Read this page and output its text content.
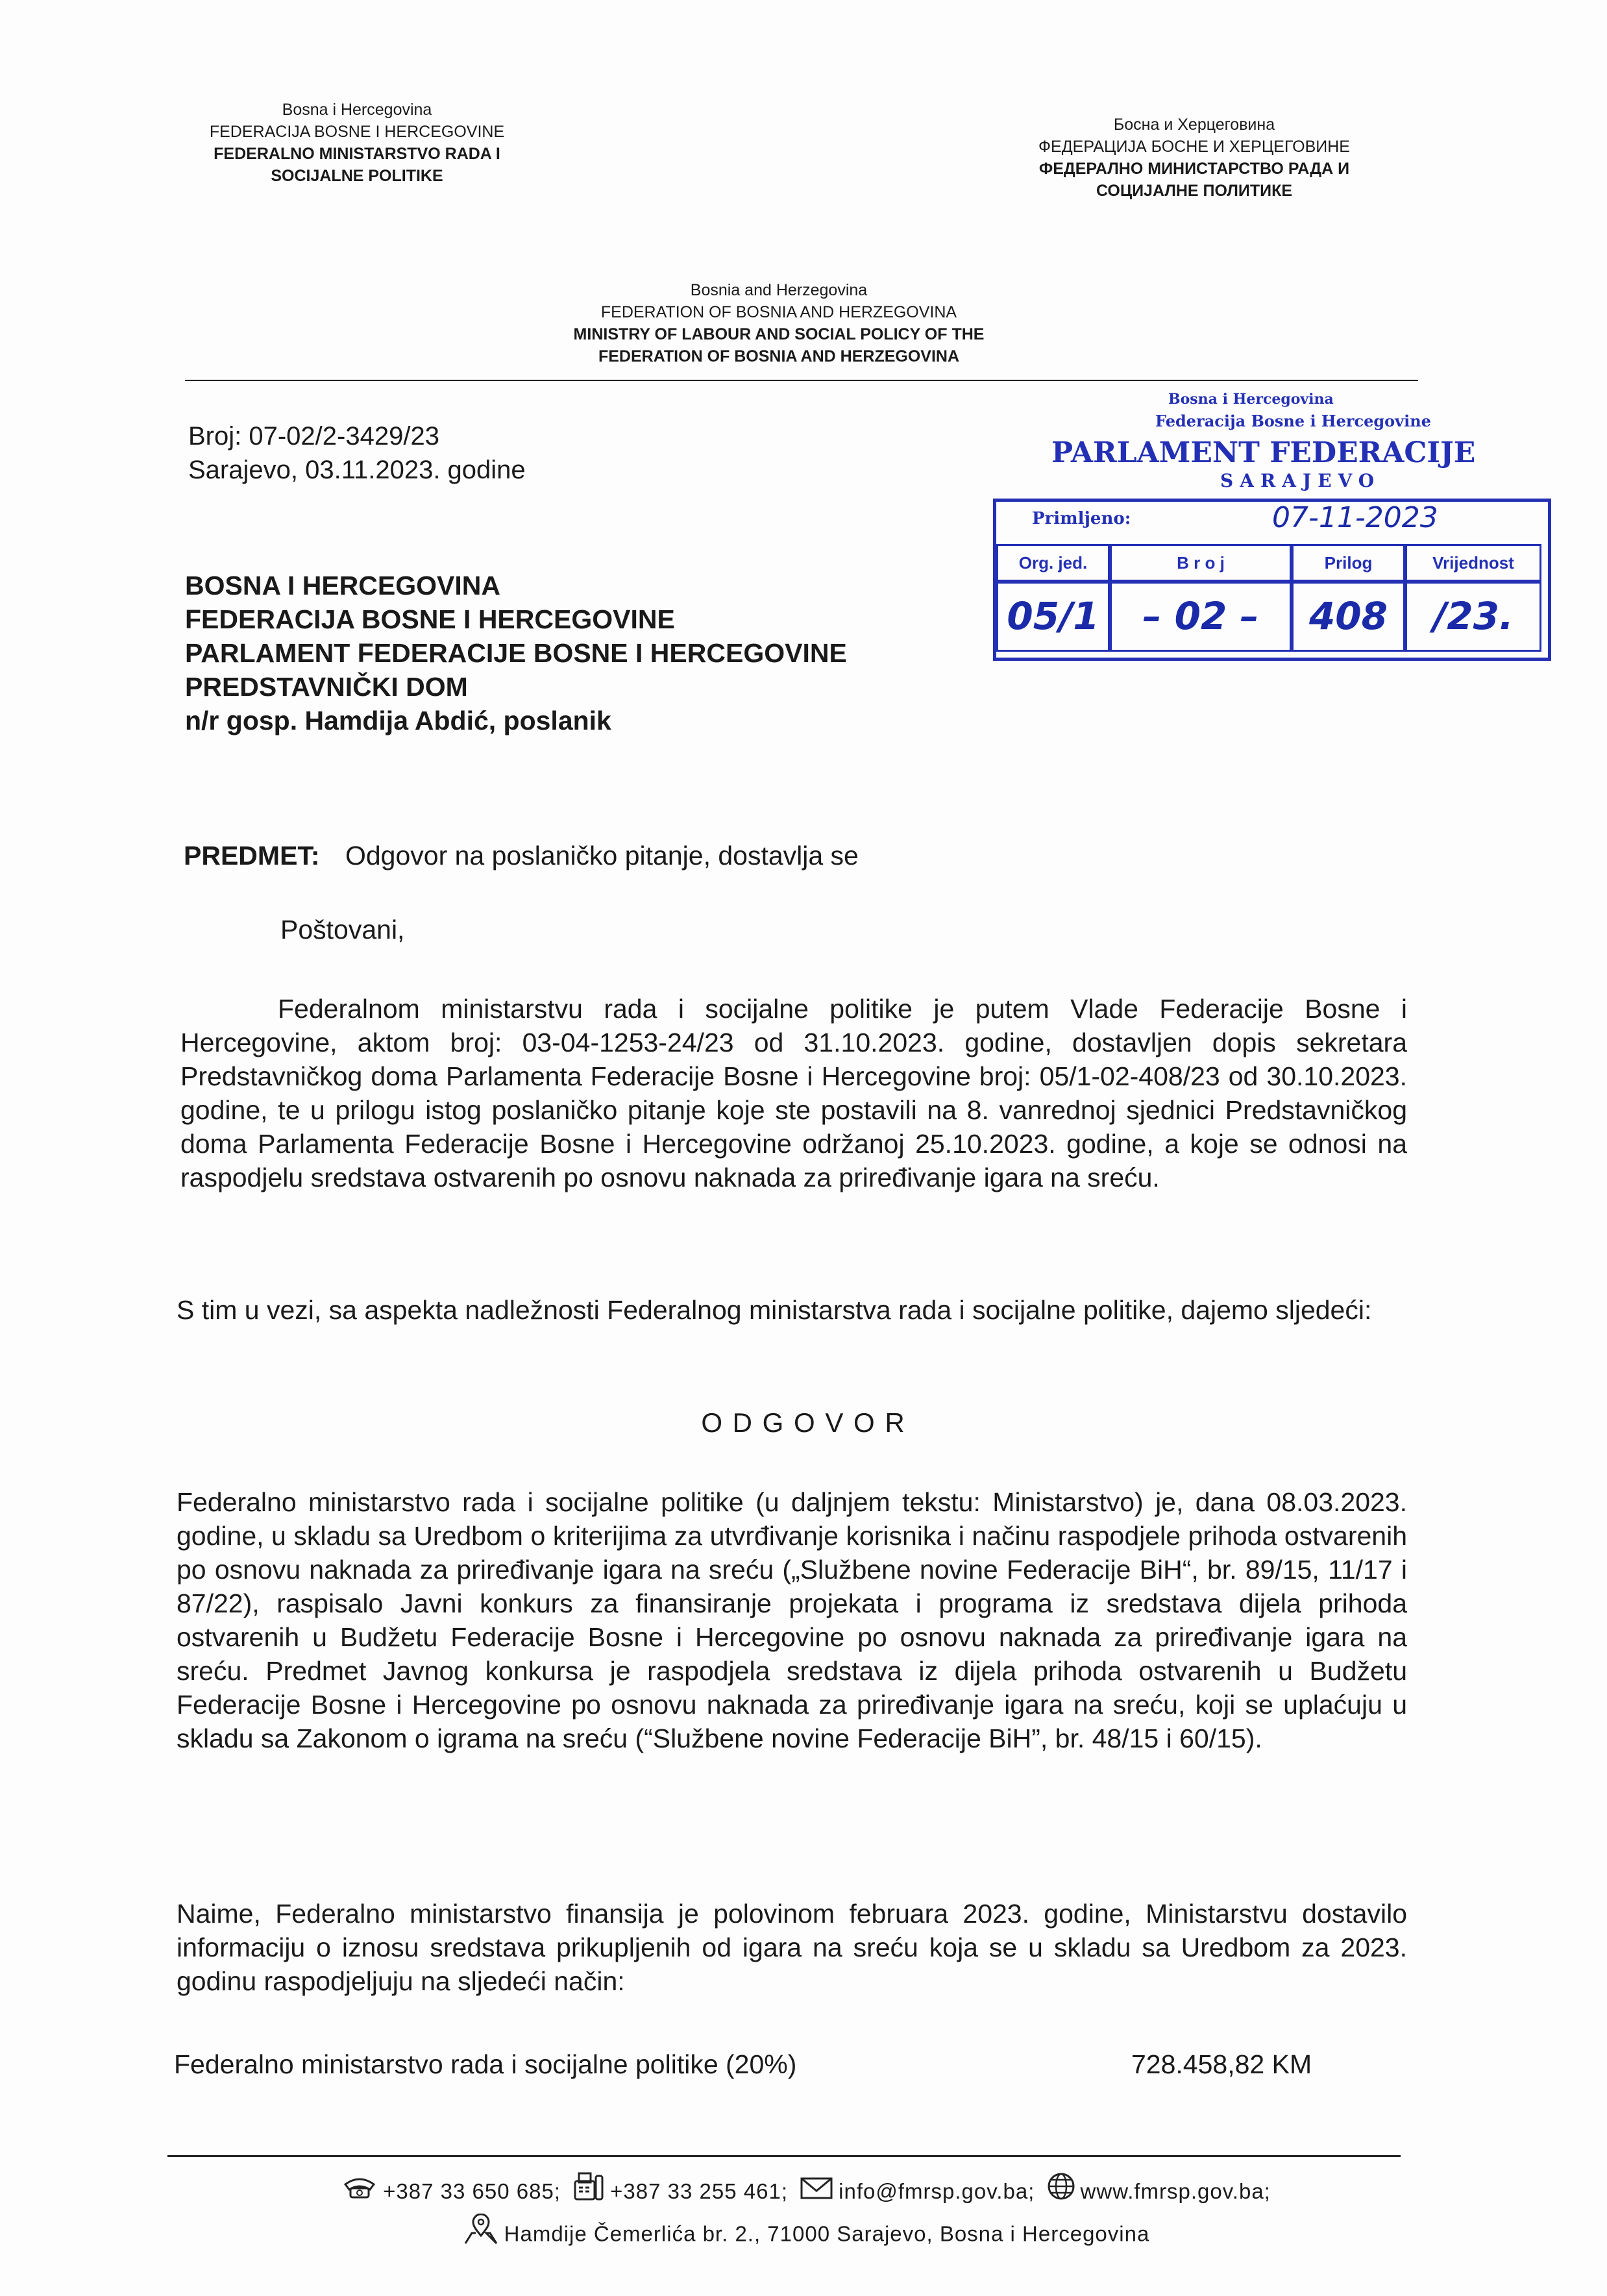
Bosna i Hercegovina
FEDERACIJA BOSNE I HERCEGOVINE
FEDERALNO MINISTARSTVO RADA I
SOCIJALNE POLITIKE
Босна и Херцеговина
ФЕДЕРАЦИЈА БОСНЕ И ХЕРЦЕГОВИНЕ
ФЕДЕРАЛНО МИНИСТАРСТВО РАДА И
СОЦИЈАЛНЕ ПОЛИТИКЕ
Bosnia and Herzegovina
FEDERATION OF BOSNIA AND HERZEGOVINA
MINISTRY OF LABOUR AND SOCIAL POLICY OF THE
FEDERATION OF BOSNIA AND HERZEGOVINA
Broj: 07-02/2-3429/23
Sarajevo, 03.11.2023. godine
Bosna i Hercegovina
Federacija Bosne i Hercegovine
PARLAMENT FEDERACIJE
SARAJEVO
Primljeno:	07-11-2023
Org. jed.	B r o j	Prilog	Vrijednost
05/1	– 02 –	408	/23.
BOSNA I HERCEGOVINA
FEDERACIJA BOSNE I HERCEGOVINE
PARLAMENT FEDERACIJE BOSNE I HERCEGOVINE
PREDSTAVNIČKI DOM
n/r gosp. Hamdija Abdić, poslanik
PREDMET: Odgovor na poslaničko pitanje, dostavlja se
Poštovani,

Federalnom ministarstvu rada i socijalne politike je putem Vlade Federacije Bosne i Hercegovine, aktom broj: 03-04-1253-24/23 od 31.10.2023. godine, dostavljen dopis sekretara Predstavničkog doma Parlamenta Federacije Bosne i Hercegovine broj: 05/1-02-408/23 od 30.10.2023. godine, te u prilogu istog poslaničko pitanje koje ste postavili na 8. vanrednoj sjednici Predstavničkog doma Parlamenta Federacije Bosne i Hercegovine održanoj 25.10.2023. godine, a koje se odnosi na raspodjelu sredstava ostvarenih po osnovu naknada za priređivanje igara na sreću.

S tim u vezi, sa aspekta nadležnosti Federalnog ministarstva rada i socijalne politike, dajemo sljedeći:

O D G O V O R

Federalno ministarstvo rada i socijalne politike (u daljnjem tekstu: Ministarstvo) je, dana 08.03.2023. godine, u skladu sa Uredbom o kriterijima za utvrđivanje korisnika i načinu raspodjele prihoda ostvarenih po osnovu naknada za priređivanje igara na sreću („Službene novine Federacije BiH“, br. 89/15, 11/17 i 87/22), raspisalo Javni konkurs za finansiranje projekata i programa iz sredstava dijela prihoda ostvarenih u Budžetu Federacije Bosne i Hercegovine po osnovu naknada za priređivanje igara na sreću. Predmet Javnog konkursa je raspodjela sredstava iz dijela prihoda ostvarenih u Budžetu Federacije Bosne i Hercegovine po osnovu naknada za priređivanje igara na sreću, koji se uplaćuju u skladu sa Zakonom o igrama na sreću (“Službene novine Federacije BiH”, br. 48/15 i 60/15).

Naime, Federalno ministarstvo finansija je polovinom februara 2023. godine, Ministarstvu dostavilo informaciju o iznosu sredstava prikupljenih od igara na sreću koja se u skladu sa Uredbom za 2023. godinu raspodjeljuju na sljedeći način:

Federalno ministarstvo rada i socijalne politike (20%)	728.458,82 KM
+387 33 650 685; +387 33 255 461; info@fmrsp.gov.ba; www.fmrsp.gov.ba;
Hamdije Čemerlića br. 2., 71000 Sarajevo, Bosna i Hercegovina
